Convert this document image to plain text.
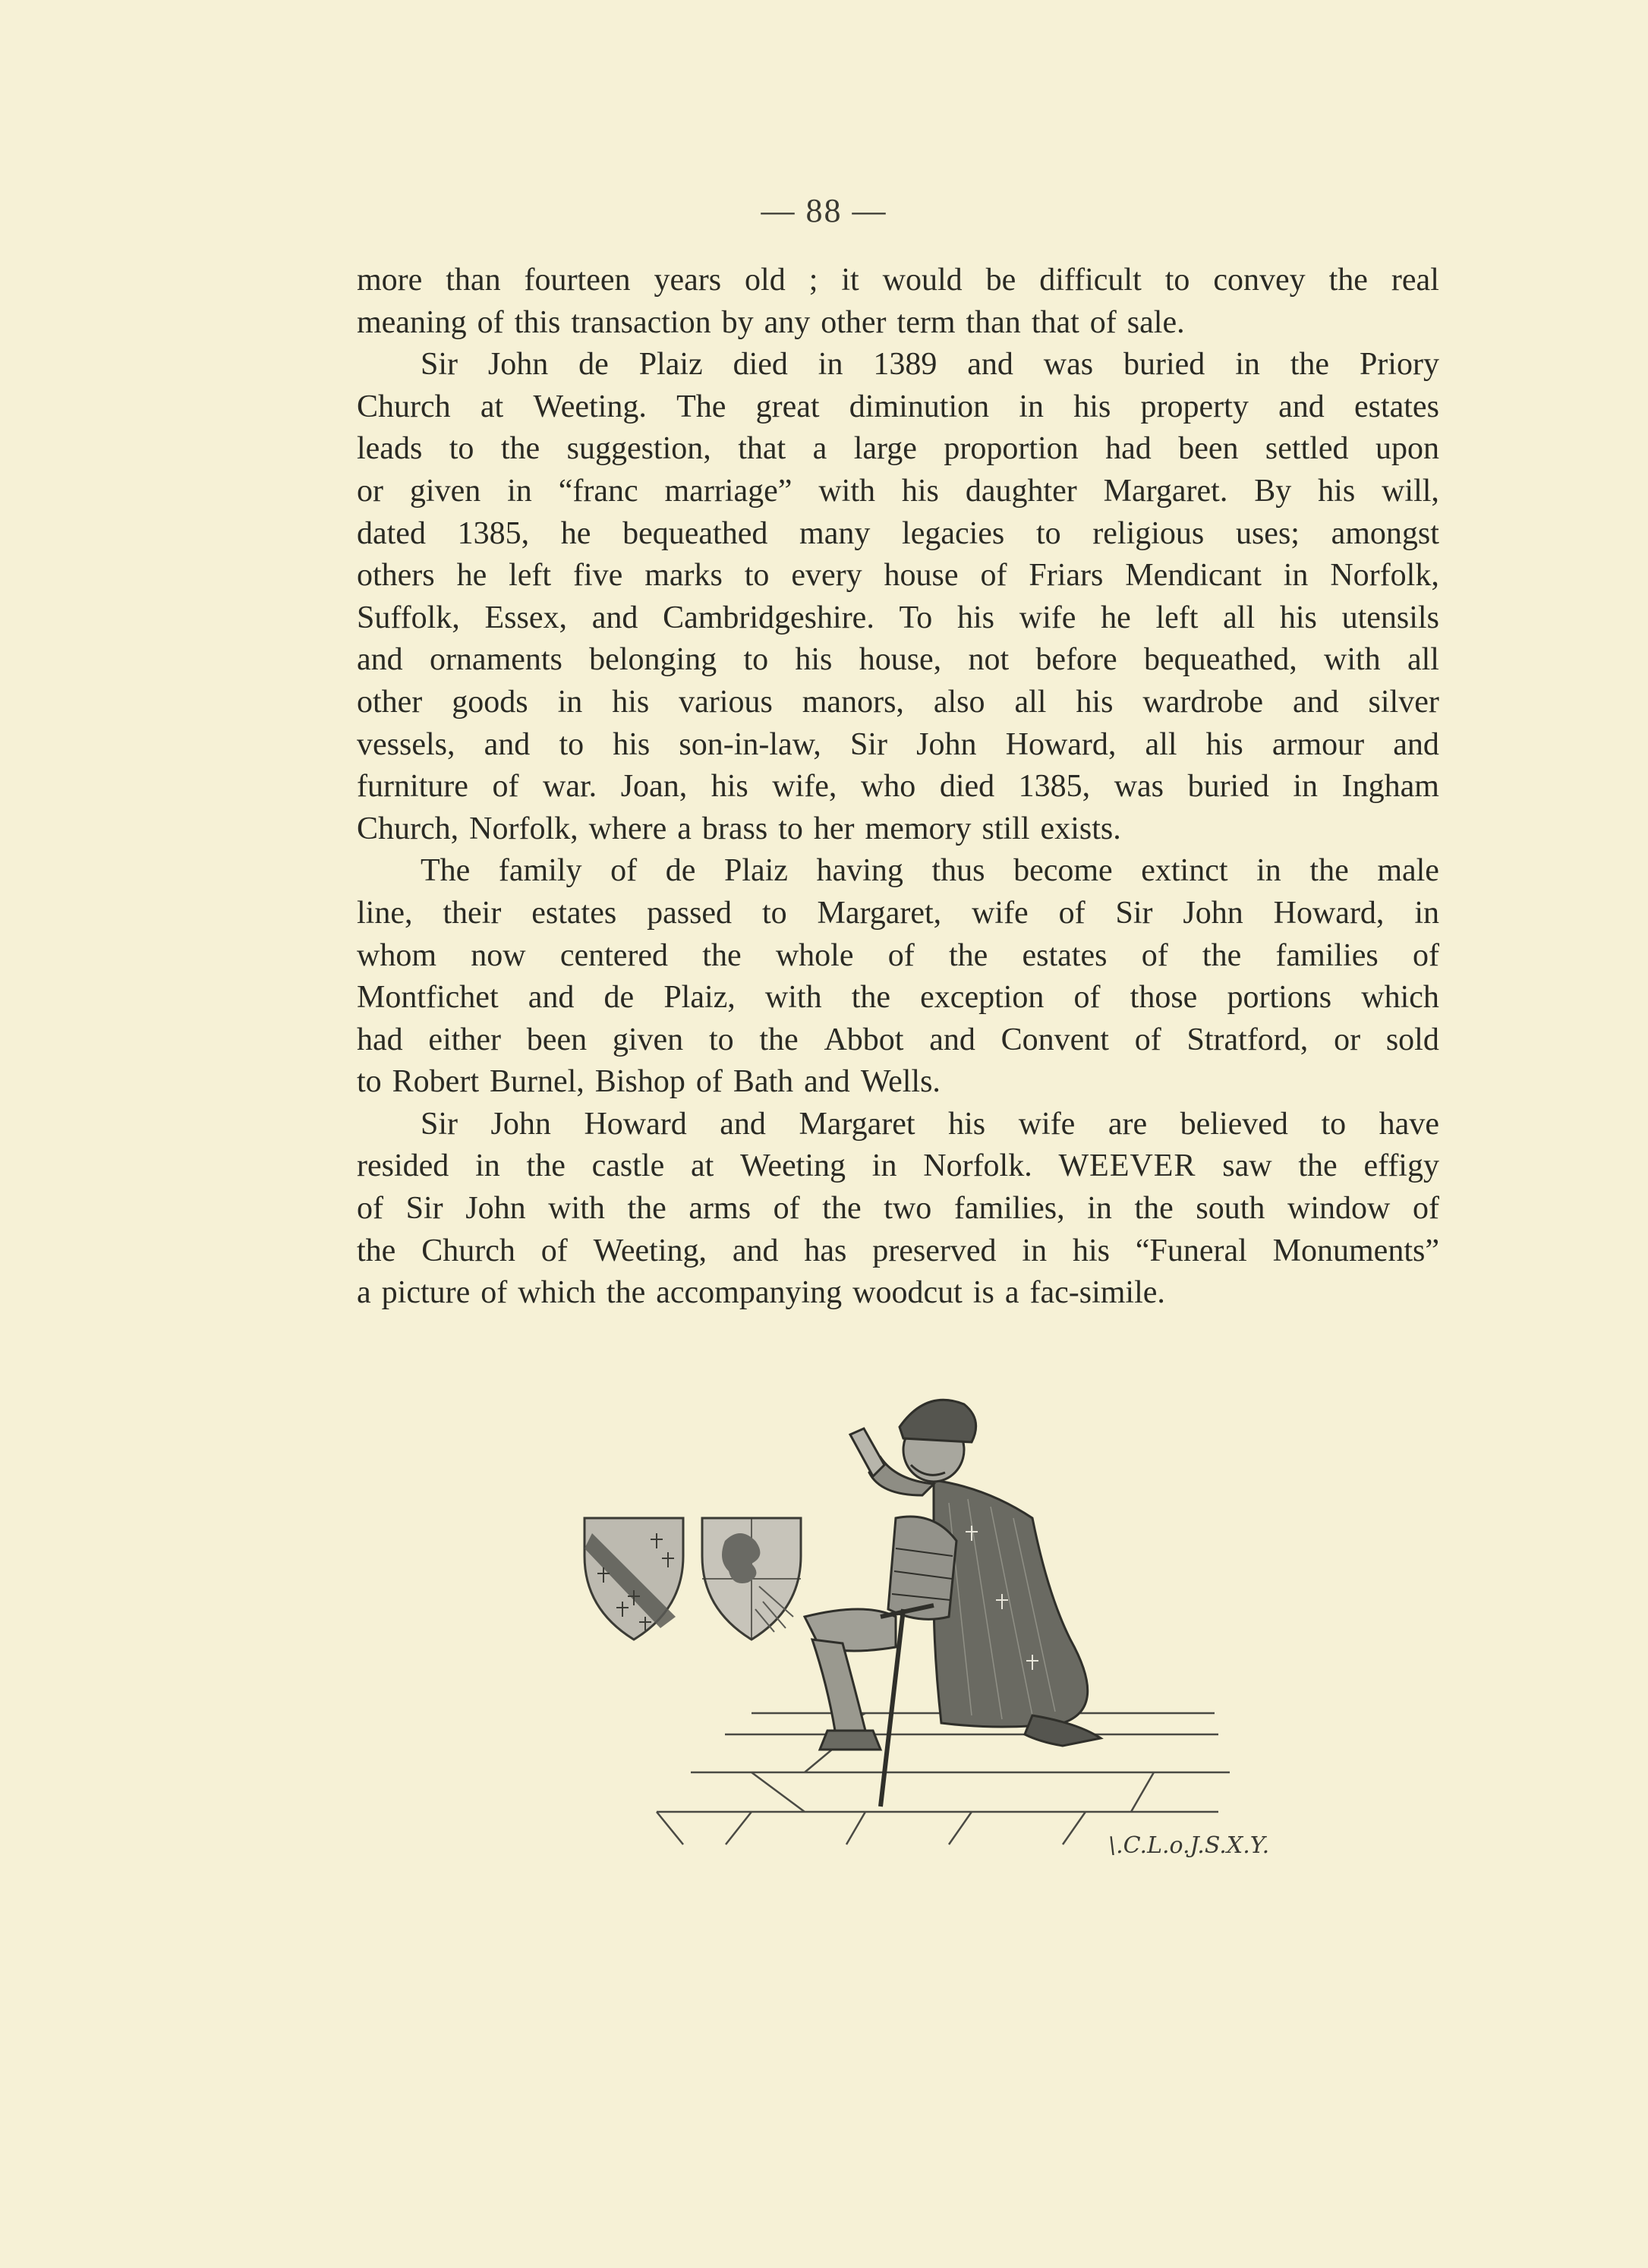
— 88 —
more than fourteen years old ; it would be difficult to convey the real
meaning of this transaction by any other term than that of sale.
Sir John de Plaiz died in 1389 and was buried in the Priory
Church at Weeting. The great diminution in his property and estates
leads to the suggestion, that a large proportion had been settled upon
or given in “franc marriage” with his daughter Margaret. By his will,
dated 1385, he bequeathed many legacies to religious uses; amongst
others he left five marks to every house of Friars Mendicant in Norfolk,
Suffolk, Essex, and Cambridgeshire. To his wife he left all his utensils
and ornaments belonging to his house, not before bequeathed, with all
other goods in his various manors, also all his wardrobe and silver
vessels, and to his son-in-law, Sir John Howard, all his armour and
furniture of war. Joan, his wife, who died 1385, was buried in Ingham
Church, Norfolk, where a brass to her memory still exists.
The family of de Plaiz having thus become extinct in the male
line, their estates passed to Margaret, wife of Sir John Howard, in
whom now centered the whole of the estates of the families of
Montfichet and de Plaiz, with the exception of those portions which
had either been given to the Abbot and Convent of Stratford, or sold
to Robert Burnel, Bishop of Bath and Wells.
Sir John Howard and Margaret his wife are believed to have
resided in the castle at Weeting in Norfolk. WEEVER saw the effigy
of Sir John with the arms of the two families, in the south window of
the Church of Weeting, and has preserved in his “Funeral Monuments”
a picture of which the accompanying woodcut is a fac-simile.
\.C.L.o.J.S.X.Y.
